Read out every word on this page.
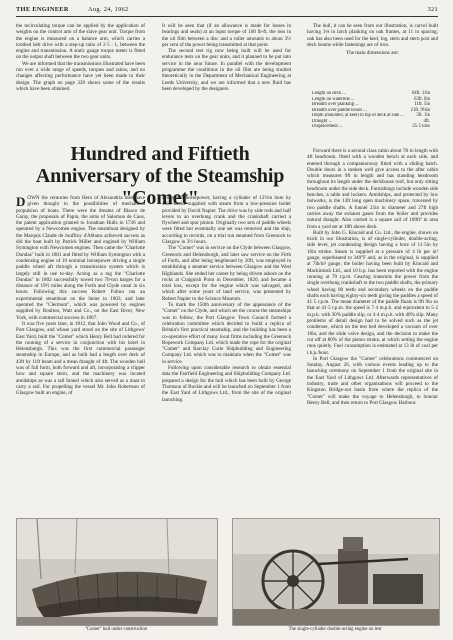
THE ENGINEER	Aug. 24, 1962	321

the recirculating torque can be applied by the application of weights on the control arm of the slave gear unit. Torque from the engine is measured on a balance arm, which carries a toothed belt drive with a step-up ratio of 2·5 : 1, between the engine and transmission. A static gauge torque meter is fitted on the output shaft between the two gear units.

We are informed that the transmissions illustrated have been run over a wide range of speeds, torques and ratios, and no changes affecting performance have yet been made to their design. The graph on page 320 shows some of the results which have been obtained.

It will be seen that (if an allowance is made for losses in bearings and seals) at an input torque of 100 lb-ft, the loss in the oil film between a disc and a roller amounts to about 3½ per cent of the power being transmitted at that point.

The second test rig now being built will be used for endurance tests on the gear units, and it planned to be put into service in the near future. In parallel with the development programme the conditions in the oil film are being studied theoretically in the Department of Mechanical Engineering at Leeds University, and we are informed that a new fluid has been developed by the designers.

The hull, it can be seen from our illustration, is carvel built having 1⅛ in larch planking on oak frames, at 11 in spacing; oak has also been used for the keel, log, stern and stern post and deck beams while fastenings are of iron.

The main dimensions are:

Length on deck ...	64ft. 11in
Length on waterline ...	63ft. 6in
Breadth over planking ...	11ft. 5in
Breadth over paddle boxes ...	21ft. 9⅛in
Depth (moulded, at keel) to top of deck at side ...	5ft. 1in
Draught ...	4ft.
Displacement ...	25·5 tons
Hundred and Fiftieth Anniversary of the Steamship "Comet"

DOWN the centuries from Hero of Alexandria men have given thought to the possibilities of mechanical propulsion of boats. There were the dreams of Blasco de Garay, the proposals of Papin, the aims of Salomon de Caus, the patent application granted to Jonathan Hulls in 1736 and operated by a Newcomen engine. The steamboat designed by the Marquis Claude de Jouffroy d'Abbans achieved success as did the boat built by Patrick Miller and engined by William Symington with Newcomen engines. Then came the "Charlotte Dundas" built in 1801 and fitted by William Symington with a condensing engine of 10 nominal horsepower driving a single paddle wheel aft through a transmission system which is largely still in use to-day. Acting as a tug the "Charlotte Dundas" in 1802 successfully towed two 70-ton barges for a distance of 19½ miles along the Forth and Clyde canal in six hours. Following this success Robert Fulton ran an experimental steamboat on the Seine in 1803, and later operated the "Clermont", which was powered by engines supplied by Boulton, Watt and Co., on the East River, New York, with commercial success in 1807.

It was five years later, in 1812, that John Wood and Co., of Port Glasgow, and whose yard stood on the site of Lithgows' East Yard, built the "Comet" which Henry Bell had ordered for the running of a service in conjunction with his hotel in Helensburgh. This was the first commercial passenger steamship in Europe, and as built had a length over deck of 43ft by 11ft beam and a mean draught of 4ft. The wooden hull was of full form, both forward and aft, incorporating a clipper bow and square stern, and the machinery was located amidships as was a tall funnel which also served as a mast to carry a sail. For propelling the vessel Mr. John Robertson of Glasgow built an engine, of

a nominal horsepower, having a cylinder of 12½in bore by 16in stroke supplied with steam from a low-pressure boiler provided by David Napier. The drive was by side rods and half levers to an overhung crank and the crankshaft carried a flywheel and spur pinion. Originally two sets of paddle wheels were fitted but eventually one set was removed and the ship, according to records, on a trial run steamed from Greenock to Glasgow in 3½ hours.

The "Comet" was in service on the Clyde between Glasgow, Greenock and Helensburgh, and later saw service on the Firth of Forth, and after being lengthened by 20ft, was employed in establishing a steamer service between Glasgow and the West Highlands. She ended her career by being driven ashore on the rocks at Craignish Point in December, 1820, and became a total loss, except for the engine which was salvaged, and which after some years of land service, was presented by Robert Napier to the Science Museum.

To mark the 150th anniversary of the appearance of the "Comet" on the Clyde, and which set the course the steamships was to follow, the Port Glasgow Town Council formed a celebration committee which decided to build a replica of Britain's first practical steamship, and the building has been a co-operative effort of many local firms including the Greenock Ropework Company Ltd. which made the rope for the original "Comet" and Barclay Curle Shipbuilding and Engineering Company Ltd. which was to maintain when the "Comet" was in service.

Following upon considerable research to obtain essential data the Fairfield Engineering and Shipbuilding Company Ltd. prepared a design for the hull which has been built by George Thomson of Buckie and will be launched on September 1 from the East Yard of Lithgows Ltd., from the site of the original launching.

Forward there is a second class cabin about 7ft in length with 4ft headroom, fitted with a wooden bench at each side, and entered through a companionway fitted with a sliding hatch. Double doors in a sunken well give access to the after cabin which measures 9ft in length and has standing headroom throughout its length under the deckhouse roof, but only sitting headroom under the side deck. Furnishings include wooden side benches, a table and lockers. Amidships, and protected by low bulwarks, is the 13ft long open machinery space, traversed by two paddle shafts. A funnel 21in in diameter and 27ft high carries away the exhaust gases from the boiler and provides natural draught. Also carried is a square sail of 180ft² in area from a yard set at 18ft above deck.

Built by John G. Kincaid and Co. Ltd., the engine, shown on truck in our illustration, is of single-cylinder, double-acting, side lever, jet condensing design having a bore of 11·5in by 16in stroke. Steam is supplied at a pressure of 4 lb per in² gauge, superheated to 340°F and, as in the original, is supplied at 7lb/in² gauge, the boiler having been built by Kincaid and Mackintosh Ltd., and 10 h.p. has been reported with the engine running at 70 r.p.m. Gearing transmits the power from the single overhung crankshaft to the two paddle shafts, the primary wheel having 80 teeth and secondary wheels on the paddle shafts each having eighty-six teeth giving the paddles a speed of 41·5 r.p.m. The mean diameter of the paddle floats is 9ft 9in so that at 41·5 r.p.m. the speed is 7·4 m.p.h. and equivalent to 5·2 m.p.h. with 30% paddle slip, or 4·4 m.p.h. with 40% slip. Many problems of detail design had to be solved such as the jet condenser, which on the test bed developed a vacuum of over 18in, and the slide valve design, and the decision to make the cut off at 80% of the piston stroke, at which setting the engine runs quietly. Fuel consumption is estimated at 13 lb of coal per i.h.p./hour.

In Port Glasgow the "Comet" celebrations commenced on Sunday, August 26, with various events leading up to the launching ceremony on September 1 from the original site in the East Yard of Lithgows Ltd. Afterwards representatives of industry, trade and other organisations will proceed to the Kingston Bridge-out basin from where the replica of the "Comet" will make the voyage to Helensburgh, to honour Henry Bell, and then return to Port Glasgow Harbour.

"Comet" hull under construction	The single-cylinder double-acting engine on test
